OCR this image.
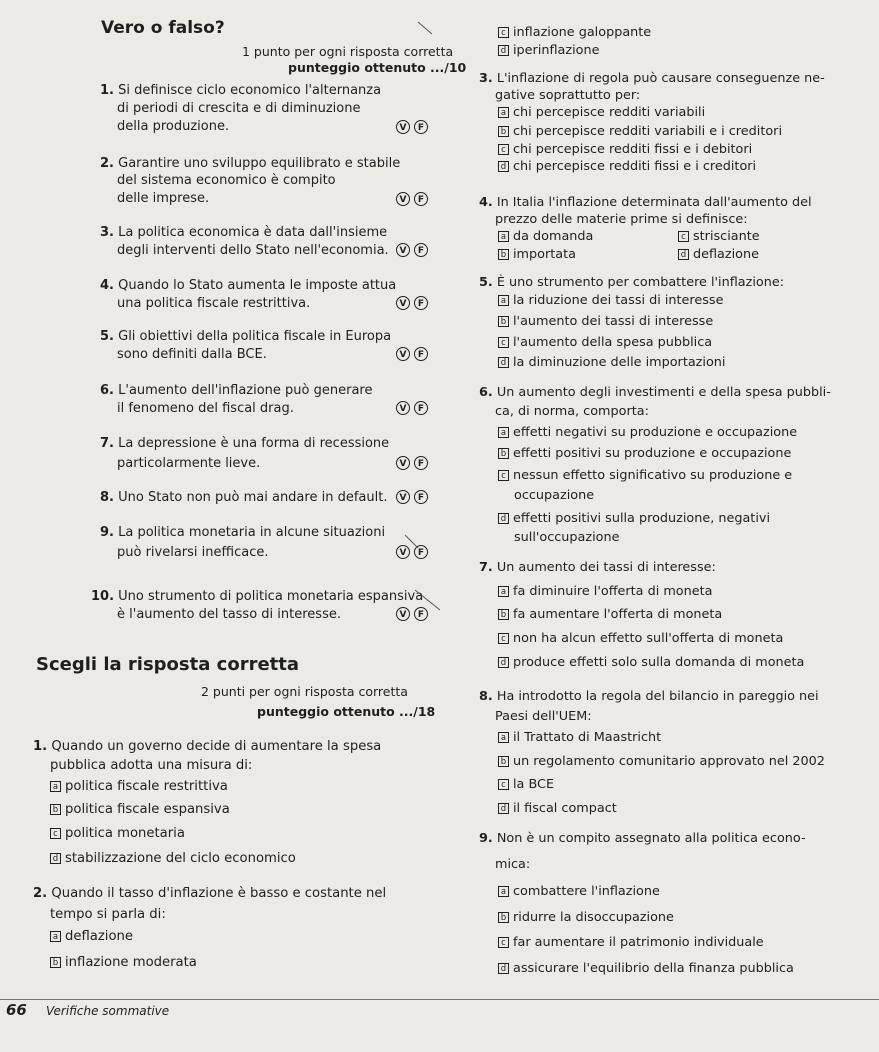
Vero o falso?
1 punto per ogni risposta corretta
punteggio ottenuto .../10
1. Si definisce ciclo economico l'alternanza
di periodi di crescita e di diminuzione
della produzione.	V	F
2. Garantire uno sviluppo equilibrato e stabile
del sistema economico è compito
delle imprese.	V	F
3. La politica economica è data dall'insieme
degli interventi dello Stato nell'economia.	V	F
4. Quando lo Stato aumenta le imposte attua
una politica fiscale restrittiva.	V	F
5. Gli obiettivi della politica fiscale in Europa
sono definiti dalla BCE.	V	F
6. L'aumento dell'inflazione può generare
il fenomeno del fiscal drag.	V	F
7. La depressione è una forma di recessione
particolarmente lieve.	V	F
8. Uno Stato non può mai andare in default.	V	F
9. La politica monetaria in alcune situazioni
può rivelarsi inefficace.	V	F
10. Uno strumento di politica monetaria espansiva
è l'aumento del tasso di interesse.	V	F
Scegli la risposta corretta
2 punti per ogni risposta corretta
punteggio ottenuto .../18
1. Quando un governo decide di aumentare la spesa
pubblica adotta una misura di:
a politica fiscale restrittiva
b politica fiscale espansiva
c politica monetaria
d stabilizzazione del ciclo economico
2. Quando il tasso d'inflazione è basso e costante nel
tempo si parla di:
a deflazione
b inflazione moderata
c inflazione galoppante
d iperinflazione
3. L'inflazione di regola può causare conseguenze ne-
gative soprattutto per:
a chi percepisce redditi variabili
b chi percepisce redditi variabili e i creditori
c chi percepisce redditi fissi e i debitori
d chi percepisce redditi fissi e i creditori
4. In Italia l'inflazione determinata dall'aumento del
prezzo delle materie prime si definisce:
a da domanda	c strisciante
b importata	d deflazione
5. È uno strumento per combattere l'inflazione:
a la riduzione dei tassi di interesse
b l'aumento dei tassi di interesse
c l'aumento della spesa pubblica
d la diminuzione delle importazioni
6. Un aumento degli investimenti e della spesa pubbli-
ca, di norma, comporta:
a effetti negativi su produzione e occupazione
b effetti positivi su produzione e occupazione
c nessun effetto significativo su produzione e
occupazione
d effetti positivi sulla produzione, negativi
sull'occupazione
7. Un aumento dei tassi di interesse:
a fa diminuire l'offerta di moneta
b fa aumentare l'offerta di moneta
c non ha alcun effetto sull'offerta di moneta
d produce effetti solo sulla domanda di moneta
8. Ha introdotto la regola del bilancio in pareggio nei
Paesi dell'UEM:
a il Trattato di Maastricht
b un regolamento comunitario approvato nel 2002
c la BCE
d il fiscal compact
9. Non è un compito assegnato alla politica econo-
mica:
a combattere l'inflazione
b ridurre la disoccupazione
c far aumentare il patrimonio individuale
d assicurare l'equilibrio della finanza pubblica
66 Verifiche sommative
